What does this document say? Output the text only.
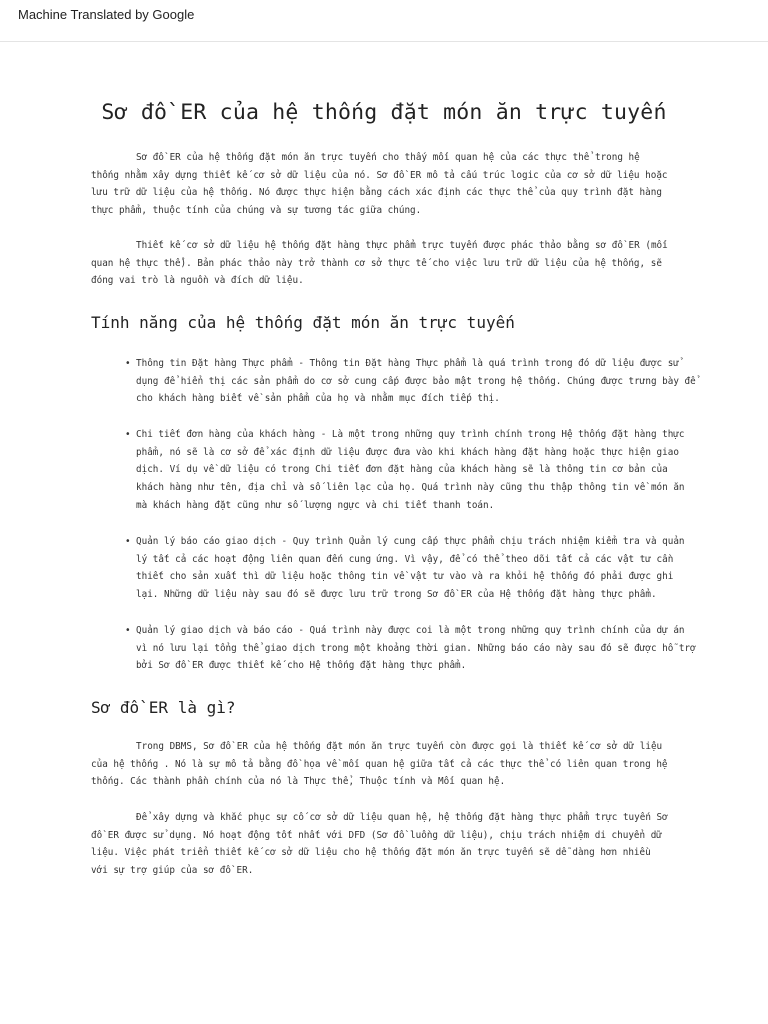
Machine Translated by Google
Sơ đồ ER của hệ thống đặt món ăn trực tuyến

Sơ đồ ER của hệ thống đặt món ăn trực tuyến cho thấy mối quan hệ của các thực thể trong hệ thống nhằm xây dựng thiết kế cơ sở dữ liệu của nó. Sơ đồ ER mô tả cấu trúc logic của cơ sở dữ liệu hoặc lưu trữ dữ liệu của hệ thống. Nó được thực hiện bằng cách xác định các thực thể của quy trình đặt hàng thực phẩm, thuộc tính của chúng và sự tương tác giữa chúng.

Thiết kế cơ sở dữ liệu hệ thống đặt hàng thực phẩm trực tuyến được phác thảo bằng sơ đồ ER (mối quan hệ thực thể). Bản phác thảo này trở thành cơ sở thực tế cho việc lưu trữ dữ liệu của hệ thống, sẽ đóng vai trò là nguồn và đích dữ liệu.

Tính năng của hệ thống đặt món ăn trực tuyến

• Thông tin Đặt hàng Thực phẩm - Thông tin Đặt hàng Thực phẩm là quá trình trong đó dữ liệu được sử dụng để hiển thị các sản phẩm do cơ sở cung cấp được bảo mật trong hệ thống. Chúng được trưng bày để cho khách hàng biết về sản phẩm của họ và nhằm mục đích tiếp thị.

• Chi tiết đơn hàng của khách hàng - Là một trong những quy trình chính trong Hệ thống đặt hàng thực phẩm, nó sẽ là cơ sở để xác định dữ liệu được đưa vào khi khách hàng đặt hàng hoặc thực hiện giao dịch. Ví dụ về dữ liệu có trong Chi tiết đơn đặt hàng của khách hàng sẽ là thông tin cơ bản của khách hàng như tên, địa chỉ và số liên lạc của họ. Quá trình này cũng thu thập thông tin về món ăn mà khách hàng đặt cũng như số lượng ngực và chi tiết thanh toán.

• Quản lý báo cáo giao dịch - Quy trình Quản lý cung cấp thực phẩm chịu trách nhiệm kiểm tra và quản lý tất cả các hoạt động liên quan đến cung ứng. Vì vậy, để có thể theo dõi tất cả các vật tư cần thiết cho sản xuất thì dữ liệu hoặc thông tin về vật tư vào và ra khỏi hệ thống đó phải được ghi lại. Những dữ liệu này sau đó sẽ được lưu trữ trong Sơ đồ ER của Hệ thống đặt hàng thực phẩm.

• Quản lý giao dịch và báo cáo - Quá trình này được coi là một trong những quy trình chính của dự án vì nó lưu lại tổng thể giao dịch trong một khoảng thời gian. Những báo cáo này sau đó sẽ được hỗ trợ bởi Sơ đồ ER được thiết kế cho Hệ thống đặt hàng thực phẩm.

Sơ đồ ER là gì?

Trong DBMS, Sơ đồ ER của hệ thống đặt món ăn trực tuyến còn được gọi là thiết kế cơ sở dữ liệu của hệ thống . Nó là sự mô tả bằng đồ họa về mối quan hệ giữa tất cả các thực thể có liên quan trong hệ thống. Các thành phần chính của nó là Thực thể, Thuộc tính và Mối quan hệ.

Để xây dựng và khắc phục sự cố cơ sở dữ liệu quan hệ, hệ thống đặt hàng thực phẩm trực tuyến Sơ đồ ER được sử dụng. Nó hoạt động tốt nhất với DFD (Sơ đồ luồng dữ liệu), chịu trách nhiệm di chuyển dữ liệu. Việc phát triển thiết kế cơ sở dữ liệu cho hệ thống đặt món ăn trực tuyến sẽ dễ dàng hơn nhiều với sự trợ giúp của sơ đồ ER.
